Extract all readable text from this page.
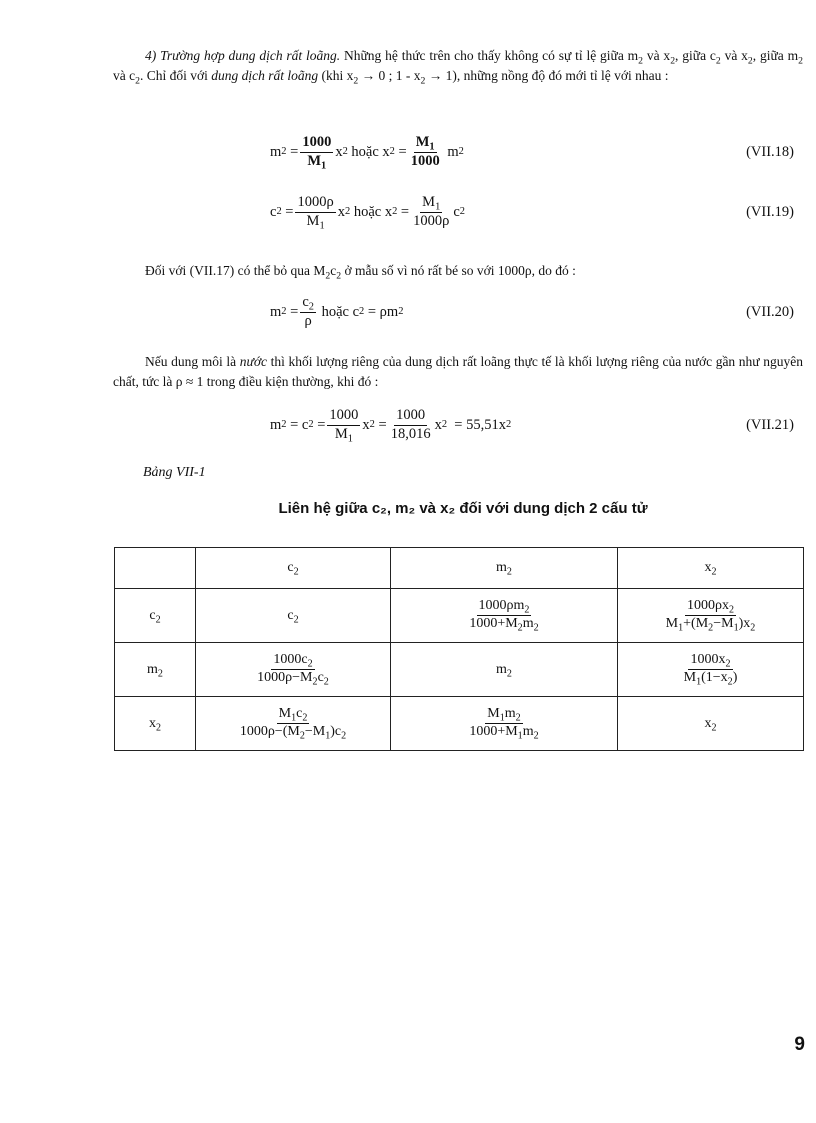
4) Trường hợp dung dịch rất loãng. Những hệ thức trên cho thấy không có sự tỉ lệ giữa $m_2$ và $x_2$, giữa $c_2$ và $x_2$, giữa $m_2$ và $c_2$. Chỉ đối với dung dịch rất loãng (khi $x_2 \to 0$ ; $1 - x_2 \to 1$), những nồng độ đó mới tỉ lệ với nhau :

m 2
= $\frac{1000}{M_1}$ x 2
hoặc
x 2
= $\frac{M_1}{1000}$
m 2	(VII.18)
c 2
= $\frac{1000\rho}{M_1}$ x 2
hoặc
x 2
= $\frac{M_1}{1000\rho}$ c 2	(VII.19)

Đối với (VII.17) có thể bỏ qua $M_2c_2$ ở mẫu số vì nó rất bé so với 1000ρ, do đó :

m 2
= $\frac{c_2}{\rho}$
hoặc
c 2
= ρm 2	(VII.20)

Nếu dung môi là nước thì khối lượng riêng của dung dịch rất loãng thực tế là khối lượng riêng của nước gần như nguyên chất, tức là ρ ≈ 1 trong điều kiện thường, khi đó :

m 2
= c 2
= $\frac{1000}{M_1}$ x 2
= $\frac{1000}{18,016}$ x 2
= 55,51x 2	(VII.21)
Bảng VII-1
Liên hệ giữa c₂, m₂ và x₂ đối với dung dịch 2 cấu tử
	$c_2$	$m_2$	$x_2$
$c_2$	$c_2$	$\frac{1000\rho m_2}{1000+M_2m_2}$	$\frac{1000\rho x_2}{M_1+(M_2-M_1)x_2}$

$m_2$	$\frac{1000c_2}{1000\rho-M_2c_2}$	$m_2$	$\frac{1000x_2}{M_1(1-x_2)}$

$x_2$	$\frac{M_1c_2}{1000\rho-(M_2-M_1)c_2}$	$\frac{M_1m_2}{1000+M_1m_2}$	$x_2$
9
